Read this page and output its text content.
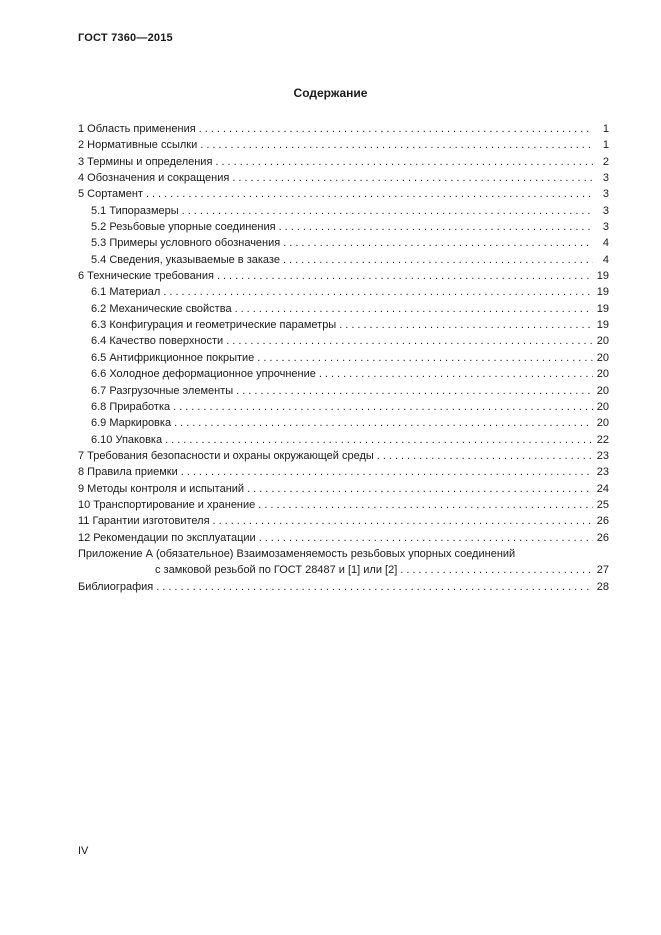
ГОСТ 7360—2015
Содержание
1 Область применения .....	1
2 Нормативные ссылки .....	1
3 Термины и определения .....	2
4 Обозначения и сокращения .....	3
5 Сортамент .....	3
5.1 Типоразмеры .....	3
5.2 Резьбовые упорные соединения .....	3
5.3 Примеры условного обозначения .....	4
5.4 Сведения, указываемые в заказе .....	4
6 Технические требования .....	19
6.1 Материал .....	19
6.2 Механические свойства .....	19
6.3 Конфигурация и геометрические параметры .....	19
6.4 Качество поверхности .....	20
6.5 Антифрикционное покрытие .....	20
6.6 Холодное деформационное упрочнение .....	20
6.7 Разгрузочные элементы .....	20
6.8 Приработка .....	20
6.9 Маркировка .....	20
6.10 Упаковка .....	22
7 Требования безопасности и охраны окружающей среды .....	23
8 Правила приемки .....	23
9 Методы контроля и испытаний .....	24
10 Транспортирование и хранение .....	25
11 Гарантии изготовителя .....	26
12 Рекомендации по эксплуатации .....	26
Приложение А (обязательное) Взаимозаменяемость резьбовых упорных соединений
с замковой резьбой по ГОСТ 28487 и [1] или [2] .....	27
Библиография .....	28
IV
